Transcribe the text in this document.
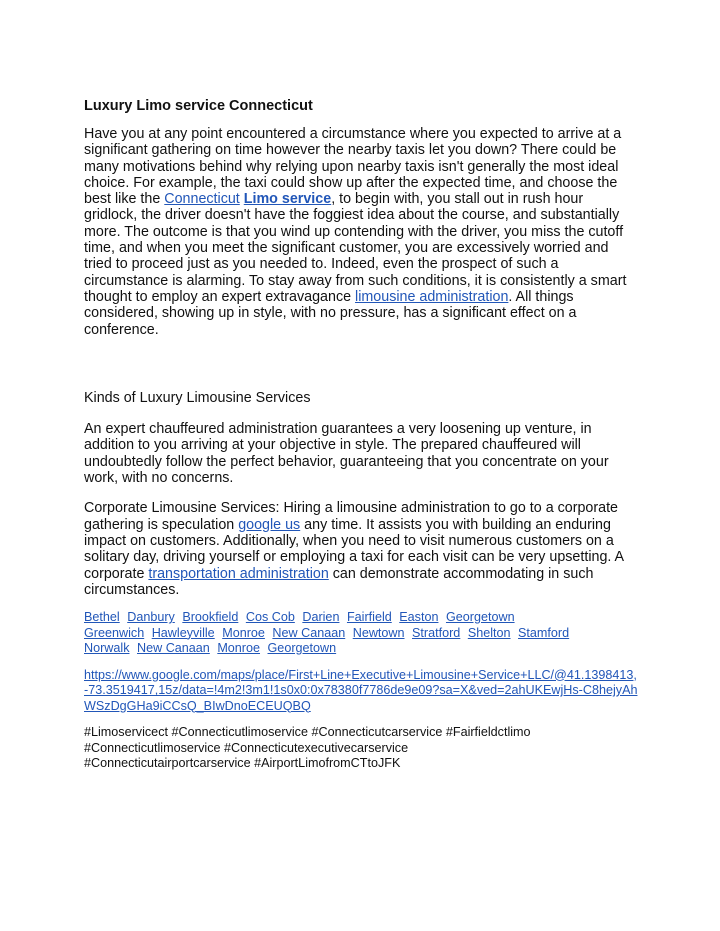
Luxury Limo service Connecticut

Have you at any point encountered a circumstance where you expected to arrive at a significant gathering on time however the nearby taxis let you down? There could be many motivations behind why relying upon nearby taxis isn't generally the most ideal choice. For example, the taxi could show up after the expected time, and choose the best like the Connecticut Limo service, to begin with, you stall out in rush hour gridlock, the driver doesn't have the foggiest idea about the course, and substantially more. The outcome is that you wind up contending with the driver, you miss the cutoff time, and when you meet the significant customer, you are excessively worried and tried to proceed just as you needed to. Indeed, even the prospect of such a circumstance is alarming. To stay away from such conditions, it is consistently a smart thought to employ an expert extravagance limousine administration. All things considered, showing up in style, with no pressure, has a significant effect on a conference.

Kinds of Luxury Limousine Services

An expert chauffeured administration guarantees a very loosening up venture, in addition to you arriving at your objective in style. The prepared chauffeured will undoubtedly follow the perfect behavior, guaranteeing that you concentrate on your work, with no concerns.

Corporate Limousine Services: Hiring a limousine administration to go to a corporate gathering is speculation google us any time. It assists you with building an enduring impact on customers. Additionally, when you need to visit numerous customers on a solitary day, driving yourself or employing a taxi for each visit can be very upsetting. A corporate transportation administration can demonstrate accommodating in such circumstances.

Bethel Danbury Brookfield Cos Cob Darien Fairfield Easton Georgetown
Greenwich Hawleyville Monroe New Canaan Newtown Stratford Shelton Stamford
Norwalk New Canaan Monroe Georgetown
https://www.google.com/maps/place/First+Line+Executive+Limousine+Service+LLC/@41.1398413,-73.3519417,15z/data=!4m2!3m1!1s0x0:0x78380f7786de9e09?sa=X&ved=2ahUKEwjHs-C8hejyAhWSzDgGHa9iCCsQ_BIwDnoECEUQBQ
#Limoservicect #Connecticutlimoservice #Connecticutcarservice #Fairfieldctlimo
#Connecticutlimoservice #Connecticutexecutivecarservice
#Connecticutairportcarservice #AirportLimofromCTtoJFK
